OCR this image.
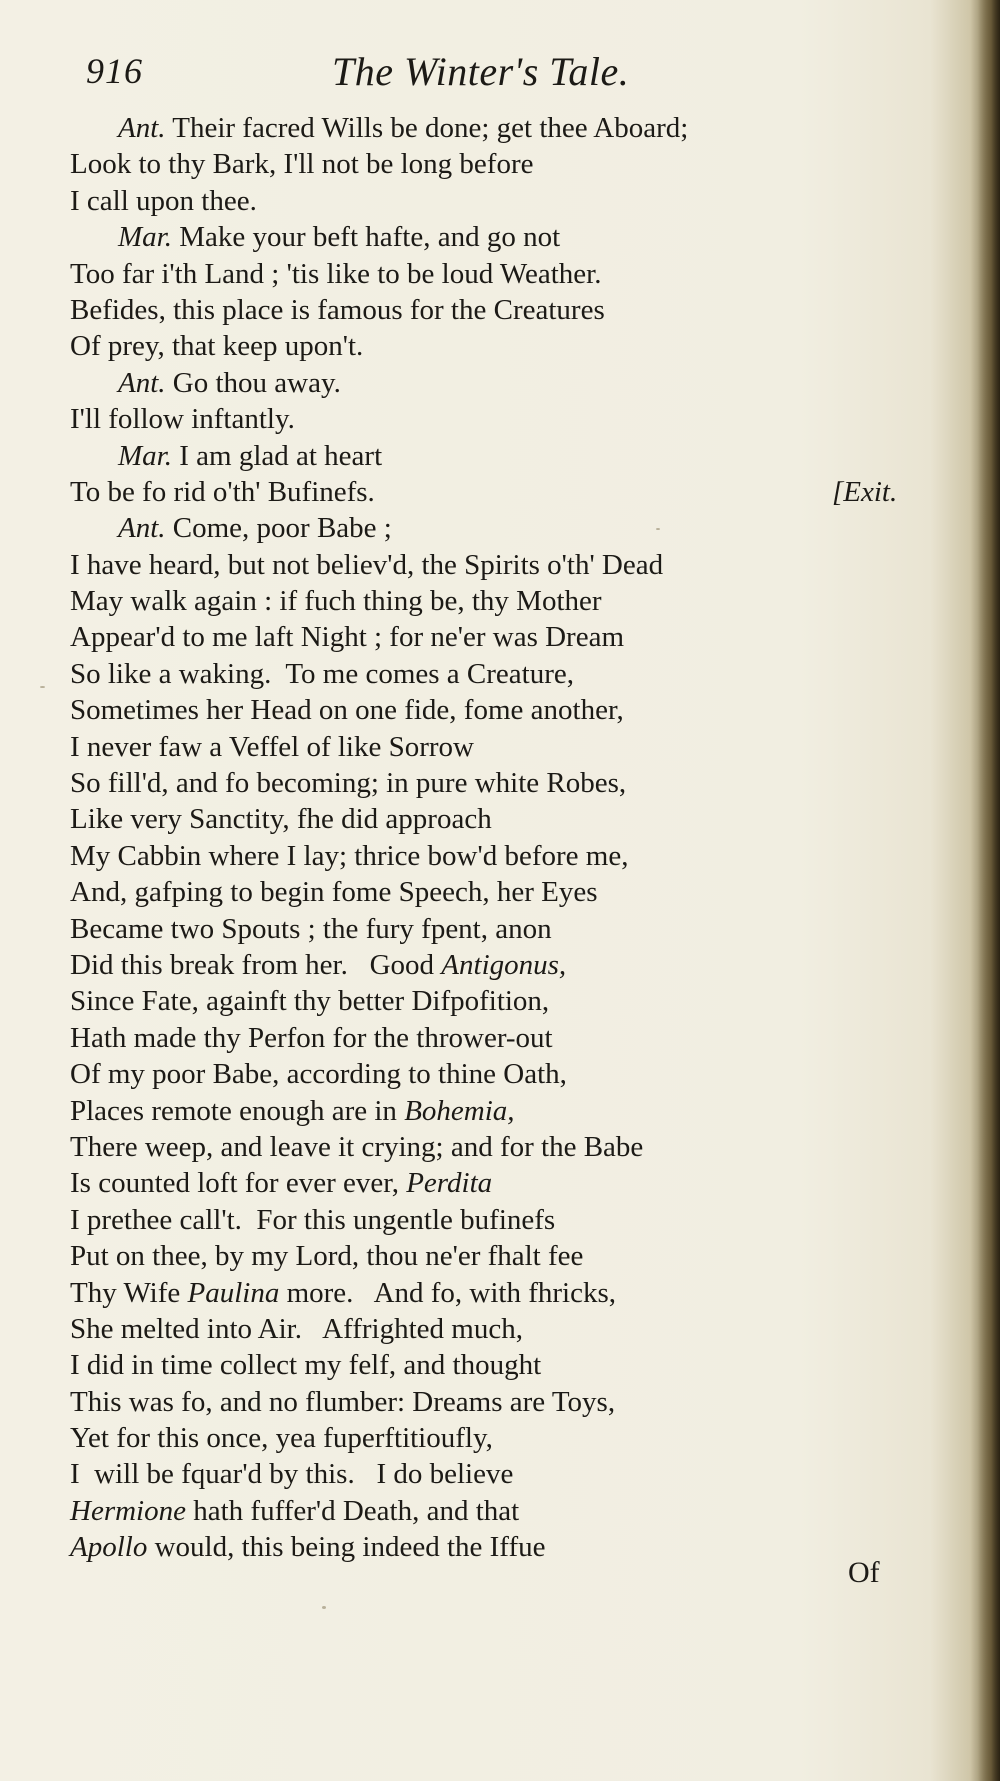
916	The Winter's Tale.
Ant. Their facred Wills be done; get thee Aboard;
Look to thy Bark, I'll not be long before
I call upon thee.
Mar. Make your beft hafte, and go not
Too far i'th Land ; 'tis like to be loud Weather.
Befides, this place is famous for the Creatures
Of prey, that keep upon't.
Ant. Go thou away.
I'll follow inftantly.
Mar. I am glad at heart
To be fo rid o'th' Bufinefs.	[Exit.
Ant. Come, poor Babe ;
I have heard, but not believ'd, the Spirits o'th' Dead
May walk again : if fuch thing be, thy Mother
Appear'd to me laft Night ; for ne'er was Dream
So like a waking.  To me comes a Creature,
Sometimes her Head on one fide, fome another,
I never faw a Veffel of like Sorrow
So fill'd, and fo becoming; in pure white Robes,
Like very Sanctity, fhe did approach
My Cabbin where I lay; thrice bow'd before me,
And, gafping to begin fome Speech, her Eyes
Became two Spouts ; the fury fpent, anon
Did this break from her.   Good Antigonus,
Since Fate, againft thy better Difpofition,
Hath made thy Perfon for the thrower-out
Of my poor Babe, according to thine Oath,
Places remote enough are in Bohemia,
There weep, and leave it crying; and for the Babe
Is counted loft for ever ever, Perdita
I prethee call't.  For this ungentle bufinefs
Put on thee, by my Lord, thou ne'er fhalt fee
Thy Wife Paulina more.   And fo, with fhricks,
She melted into Air.   Affrighted much,
I did in time collect my felf, and thought
This was fo, and no flumber: Dreams are Toys,
Yet for this once, yea fuperftitioufly,
I  will be fquar'd by this.   I do believe
Hermione hath fuffer'd Death, and that
Apollo would, this being indeed the Iffue
Of
